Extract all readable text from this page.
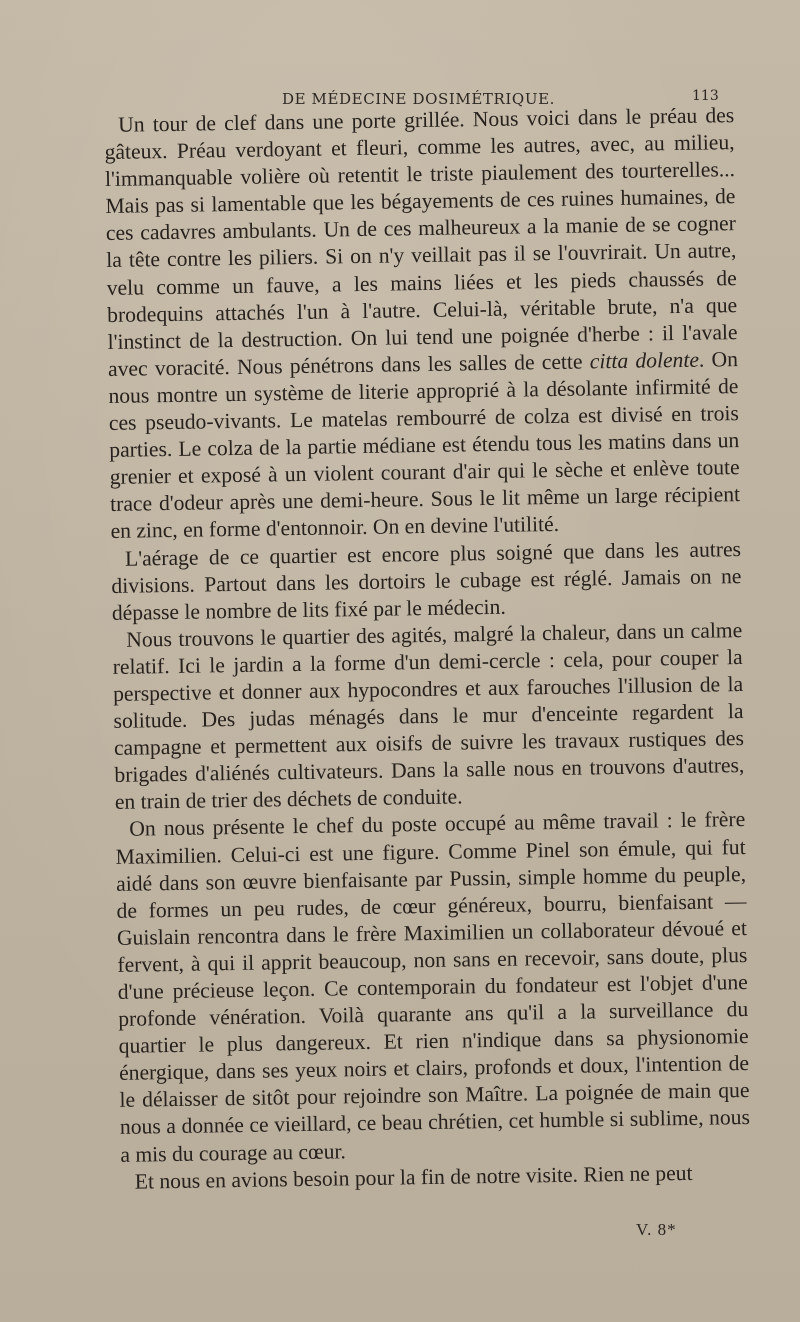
DE MÉDECINE DOSIMÉTRIQUE.	113

Un tour de clef dans une porte grillée. Nous voici dans le préau des gâteux. Préau verdoyant et fleuri, comme les autres, avec, au milieu, l'immanquable volière où retentit le triste piaulement des tourterelles... Mais pas si lamentable que les bégayements de ces ruines humaines, de ces cadavres ambulants. Un de ces malheureux a la manie de se cogner la tête contre les piliers. Si on n'y veillait pas il se l'ouvrirait. Un autre, velu comme un fauve, a les mains liées et les pieds chaussés de brodequins attachés l'un à l'autre. Celui-là, véritable brute, n'a que l'instinct de la destruction. On lui tend une poignée d'herbe : il l'avale avec voracité. Nous pénétrons dans les salles de cette citta dolente. On nous montre un système de literie approprié à la désolante infirmité de ces pseudo-vivants. Le matelas rembourré de colza est divisé en trois parties. Le colza de la partie médiane est étendu tous les matins dans un grenier et exposé à un violent courant d'air qui le sèche et enlève toute trace d'odeur après une demi-heure. Sous le lit même un large récipient en zinc, en forme d'entonnoir. On en devine l'utilité.

L'aérage de ce quartier est encore plus soigné que dans les autres divisions. Partout dans les dortoirs le cubage est réglé. Jamais on ne dépasse le nombre de lits fixé par le médecin.

Nous trouvons le quartier des agités, malgré la chaleur, dans un calme relatif. Ici le jardin a la forme d'un demi-cercle : cela, pour couper la perspective et donner aux hypocondres et aux farouches l'illusion de la solitude. Des judas ménagés dans le mur d'enceinte regardent la campagne et permettent aux oisifs de suivre les travaux rustiques des brigades d'aliénés cultivateurs. Dans la salle nous en trouvons d'autres, en train de trier des déchets de conduite.

On nous présente le chef du poste occupé au même travail : le frère Maximilien. Celui-ci est une figure. Comme Pinel son émule, qui fut aidé dans son œuvre bienfaisante par Pussin, simple homme du peuple, de formes un peu rudes, de cœur généreux, bourru, bienfaisant — Guislain rencontra dans le frère Maximilien un collaborateur dévoué et fervent, à qui il apprit beaucoup, non sans en recevoir, sans doute, plus d'une précieuse leçon. Ce contemporain du fondateur est l'objet d'une profonde vénération. Voilà quarante ans qu'il a la surveillance du quartier le plus dangereux. Et rien n'indique dans sa physionomie énergique, dans ses yeux noirs et clairs, profonds et doux, l'intention de le délaisser de sitôt pour rejoindre son Maître. La poignée de main que nous a donnée ce vieillard, ce beau chrétien, cet humble si sublime, nous a mis du courage au cœur.

Et nous en avions besoin pour la fin de notre visite. Rien ne peut

V. 8*
